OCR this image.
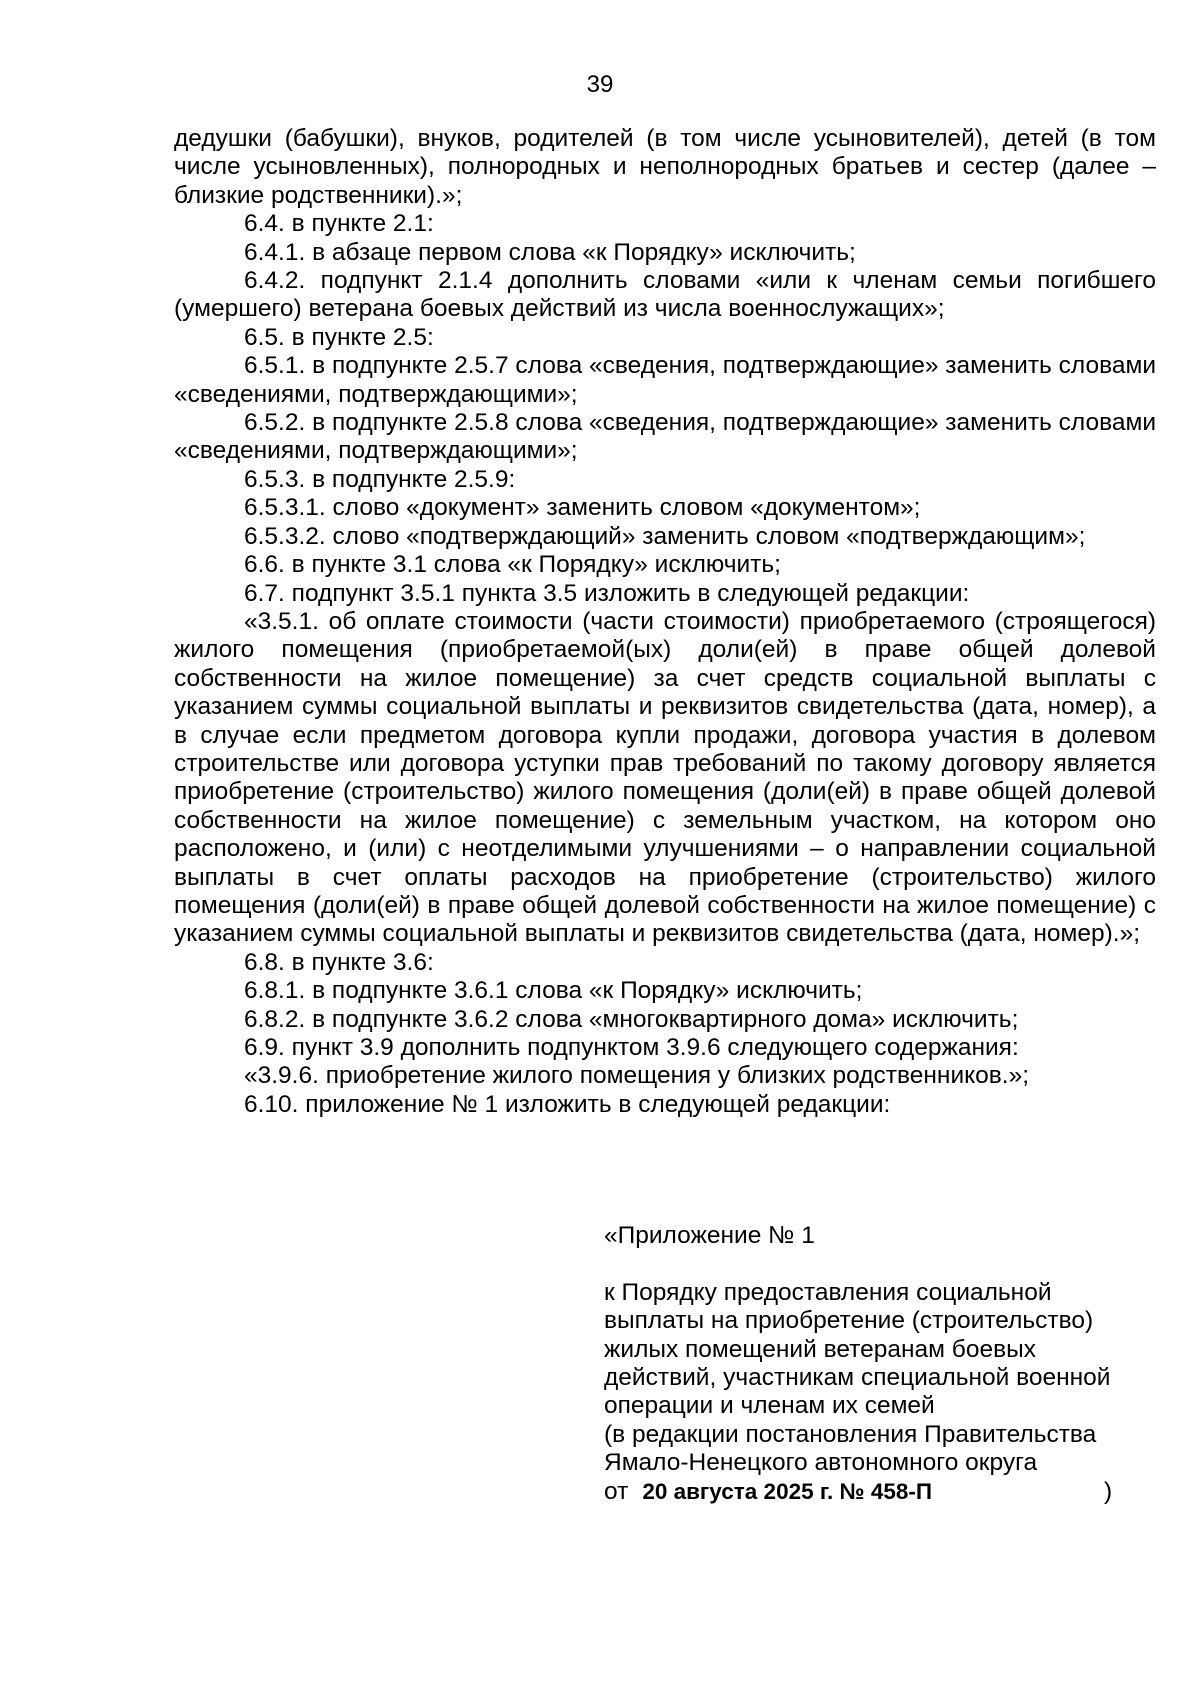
39

дедушки (бабушки), внуков, родителей (в том числе усыновителей), детей (в том числе усыновленных), полнородных и неполнородных братьев и сестер (далее – близкие родственники).»;

6.4. в пункте 2.1:

6.4.1. в абзаце первом слова «к Порядку» исключить;

6.4.2. подпункт 2.1.4 дополнить словами «или к членам семьи погибшего (умершего) ветерана боевых действий из числа военнослужащих»;

6.5. в пункте 2.5:

6.5.1. в подпункте 2.5.7 слова «сведения, подтверждающие» заменить словами «сведениями, подтверждающими»;

6.5.2. в подпункте 2.5.8 слова «сведения, подтверждающие» заменить словами «сведениями, подтверждающими»;

6.5.3. в подпункте 2.5.9:

6.5.3.1. слово «документ» заменить словом «документом»;

6.5.3.2. слово «подтверждающий» заменить словом «подтверждающим»;

6.6. в пункте 3.1 слова «к Порядку» исключить;

6.7. подпункт 3.5.1 пункта 3.5 изложить в следующей редакции:

«3.5.1. об оплате стоимости (части стоимости) приобретаемого (строящегося) жилого помещения (приобретаемой(ых) доли(ей) в праве общей долевой собственности на жилое помещение) за счет средств социальной выплаты с указанием суммы социальной выплаты и реквизитов свидетельства (дата, номер), а в случае если предметом договора купли продажи, договора участия в долевом строительстве или договора уступки прав требований по такому договору является приобретение (строительство) жилого помещения (доли(ей) в праве общей долевой собственности на жилое помещение) с земельным участком, на котором оно расположено, и (или) с неотделимыми улучшениями – о направлении социальной выплаты в счет оплаты расходов на приобретение (строительство) жилого помещения (доли(ей) в праве общей долевой собственности на жилое помещение) с указанием суммы социальной выплаты и реквизитов свидетельства (дата, номер).»;

6.8. в пункте 3.6:

6.8.1. в подпункте 3.6.1 слова «к Порядку» исключить;

6.8.2. в подпункте 3.6.2 слова «многоквартирного дома» исключить;

6.9. пункт 3.9 дополнить подпунктом 3.9.6 следующего содержания:

«3.9.6. приобретение жилого помещения у близких родственников.»;

6.10. приложение № 1 изложить в следующей редакции:

«Приложение № 1

к Порядку предоставления социальной

выплаты на приобретение (строительство)

жилых помещений ветеранам боевых

действий, участникам специальной военной

операции и членам их семей

(в редакции постановления Правительства

Ямало-Ненецкого автономного округа

от 20 августа 2025 г. № 458-П	)
